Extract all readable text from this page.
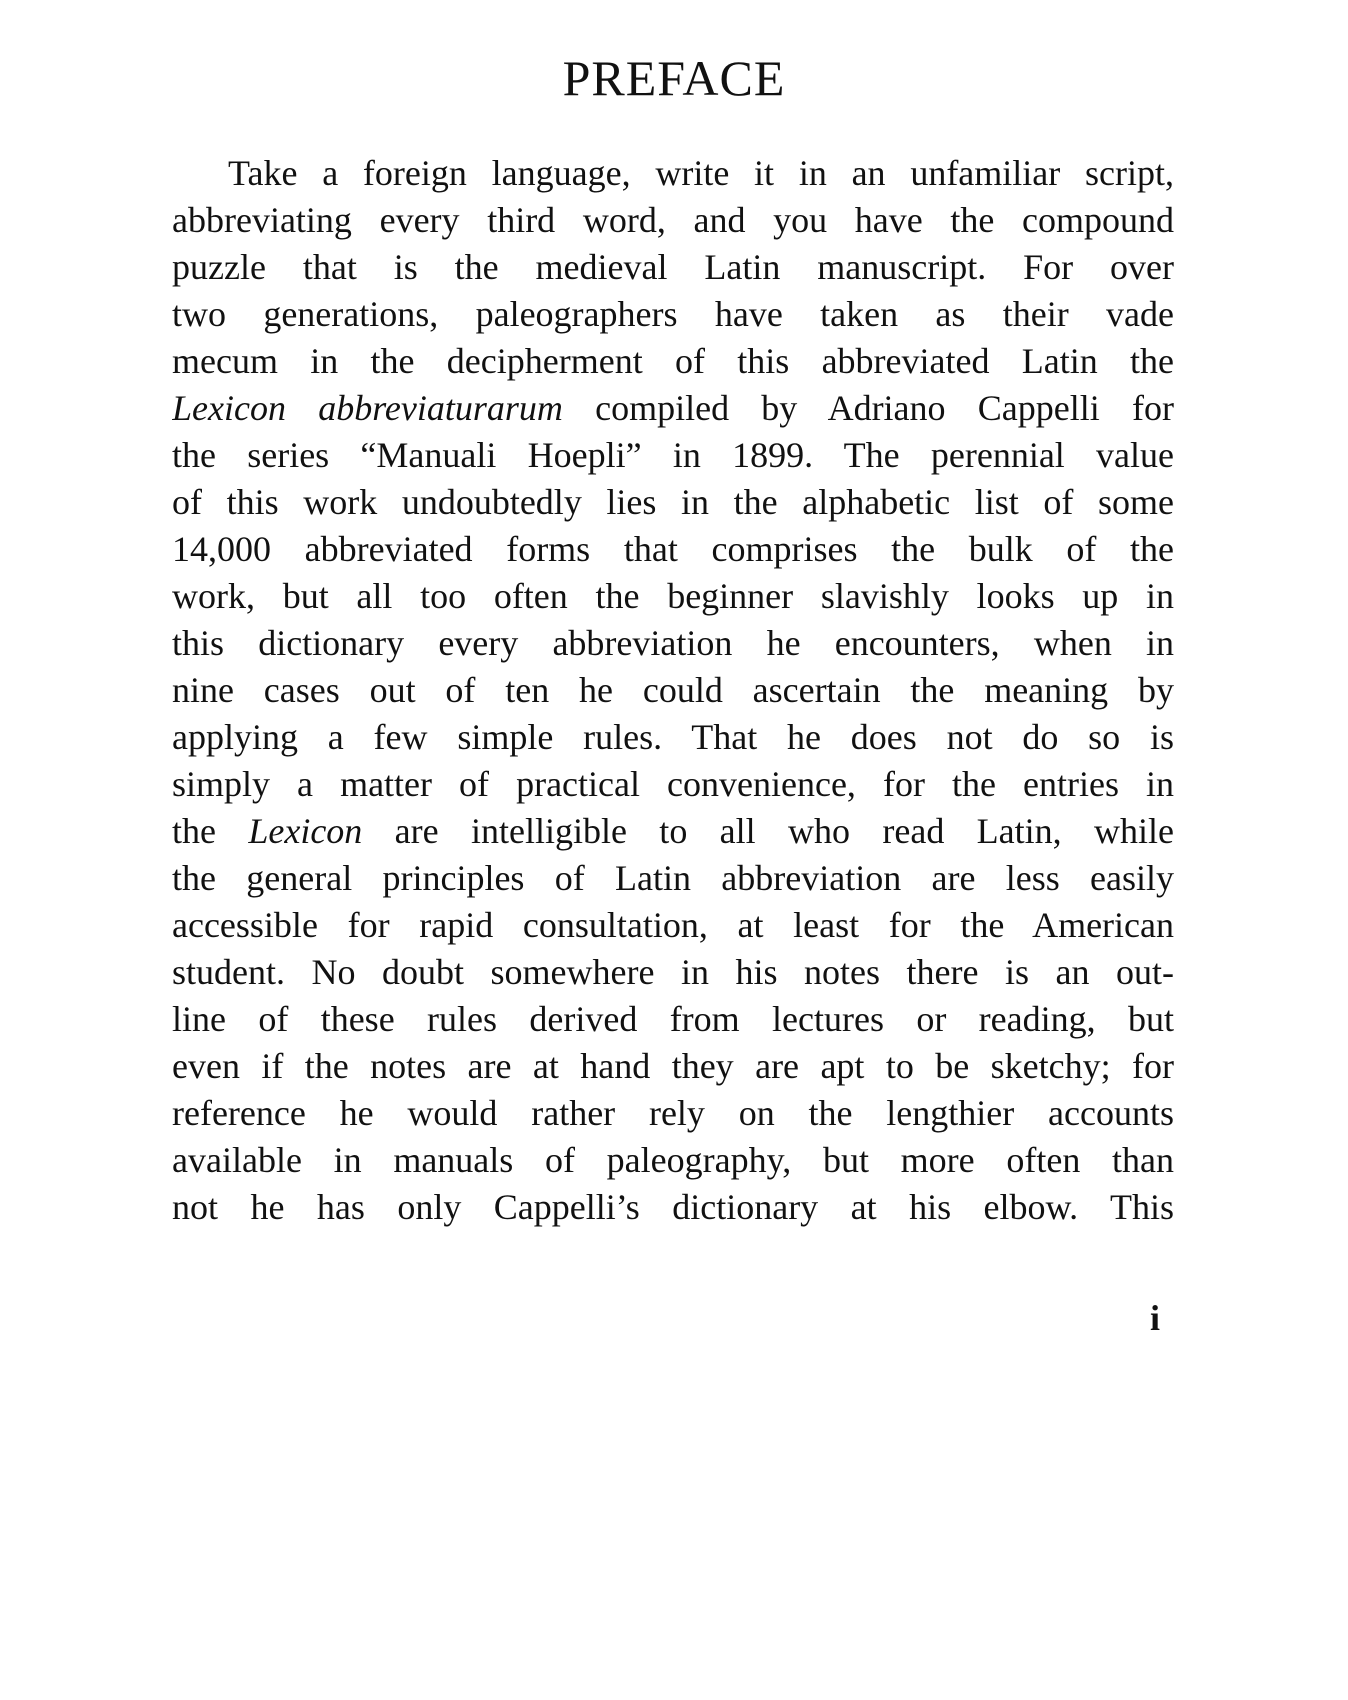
PREFACE
Take a foreign language, write it in an unfamiliar script,
abbreviating every third word, and you have the compound
puzzle that is the medieval Latin manuscript. For over
two generations, paleographers have taken as their vade
mecum in the decipherment of this abbreviated Latin the
Lexicon abbreviaturarum compiled by Adriano Cappelli for
the series “Manuali Hoepli” in 1899. The perennial value
of this work undoubtedly lies in the alphabetic list of some
14,000 abbreviated forms that comprises the bulk of the
work, but all too often the beginner slavishly looks up in
this dictionary every abbreviation he encounters, when in
nine cases out of ten he could ascertain the meaning by
applying a few simple rules. That he does not do so is
simply a matter of practical convenience, for the entries in
the Lexicon are intelligible to all who read Latin, while
the general principles of Latin abbreviation are less easily
accessible for rapid consultation, at least for the American
student. No doubt somewhere in his notes there is an out-
line of these rules derived from lectures or reading, but
even if the notes are at hand they are apt to be sketchy; for
reference he would rather rely on the lengthier accounts
available in manuals of paleography, but more often than
not he has only Cappelli’s dictionary at his elbow. This
i
